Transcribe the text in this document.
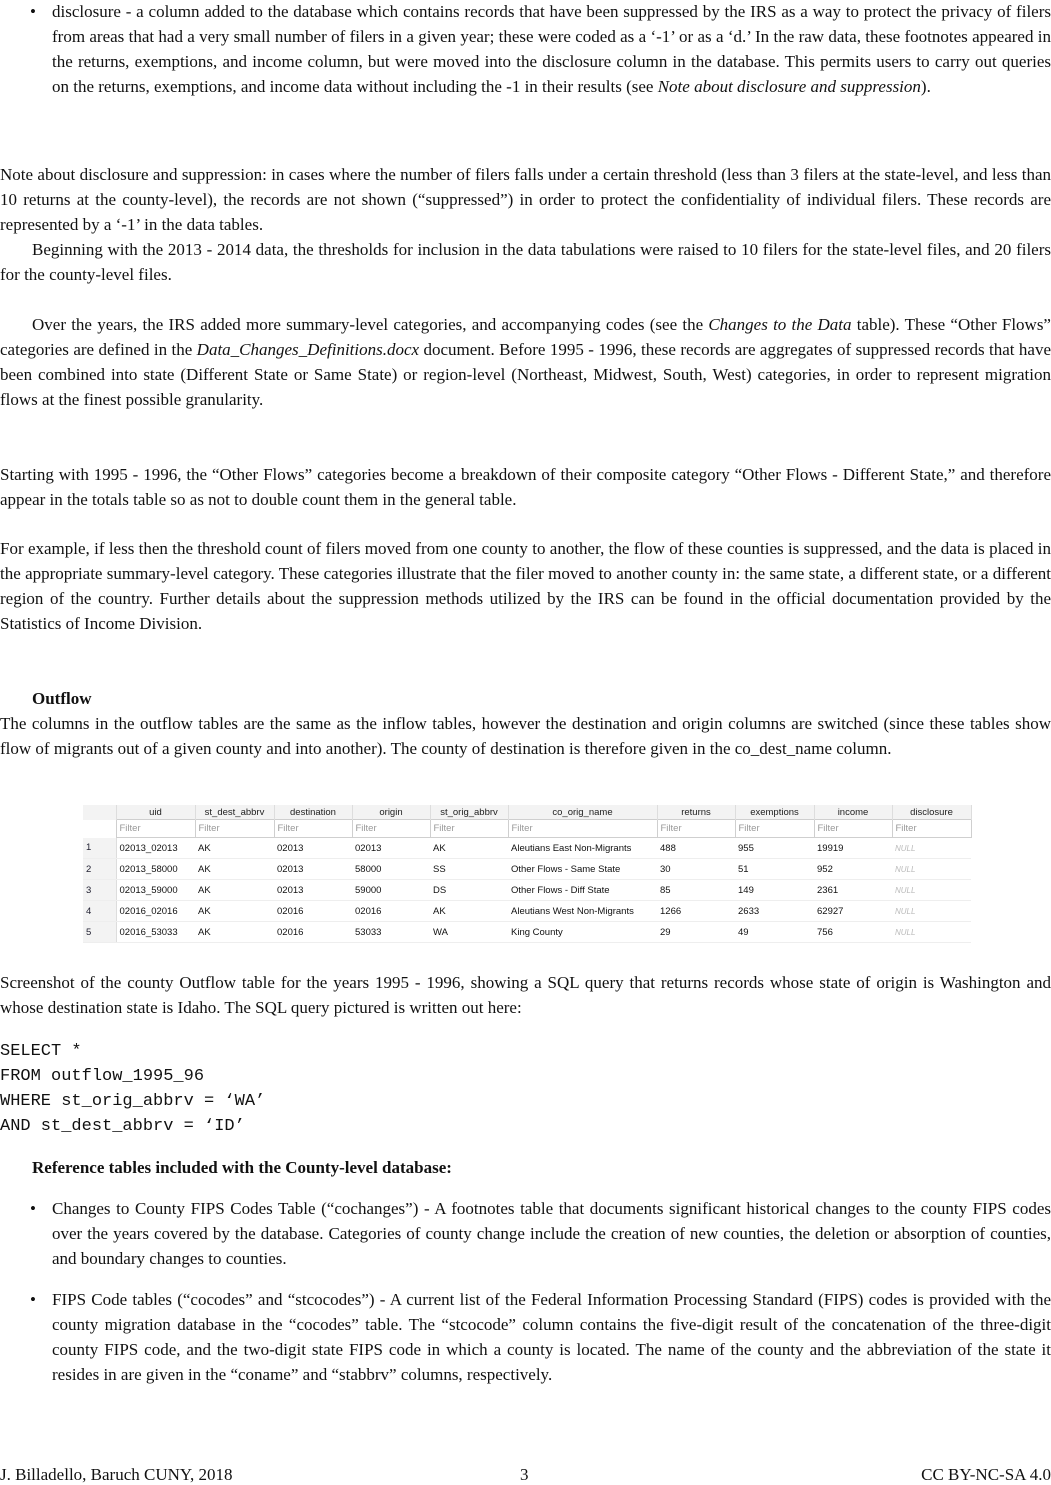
• disclosure - a column added to the database which contains records that have been suppressed by the IRS as a way to protect the privacy of filers from areas that had a very small number of filers in a given year; these were coded as a ‘-1’ or as a ‘d.’ In the raw data, these footnotes appeared in the returns, exemptions, and income column, but were moved into the disclosure column in the database. This permits users to carry out queries on the returns, exemptions, and income data without including the -1 in their results (see Note about disclosure and suppression).

Note about disclosure and suppression: in cases where the number of filers falls under a certain threshold (less than 3 filers at the state-level, and less than 10 returns at the county-level), the records are not shown (“suppressed”) in order to protect the confidentiality of individual filers. These records are represented by a ‘-1’ in the data tables.

Beginning with the 2013 - 2014 data, the thresholds for inclusion in the data tabulations were raised to 10 filers for the state-level files, and 20 filers for the county-level files.

Over the years, the IRS added more summary-level categories, and accompanying codes (see the Changes to the Data table). These “Other Flows” categories are defined in the Data_Changes_Definitions.docx document. Before 1995 - 1996, these records are aggregates of suppressed records that have been combined into state (Different State or Same State) or region-level (Northeast, Midwest, South, West) categories, in order to represent migration flows at the finest possible granularity.

Starting with 1995 - 1996, the “Other Flows” categories become a breakdown of their composite category “Other Flows - Different State,” and therefore appear in the totals table so as not to double count them in the general table.

For example, if less then the threshold count of filers moved from one county to another, the flow of these counties is suppressed, and the data is placed in the appropriate summary-level category. These categories illustrate that the filer moved to another county in: the same state, a different state, or a different region of the country. Further details about the suppression methods utilized by the IRS can be found in the official documentation provided by the Statistics of Income Division.

Outflow

The columns in the outflow tables are the same as the inflow tables, however the destination and origin columns are switched (since these tables show flow of migrants out of a given county and into another). The county of destination is therefore given in the co_dest_name column.

	uid	st_dest_abbrv	destination	origin	st_orig_abbrv	co_orig_name	returns	exemptions	income	disclosure
	Filter	Filter	Filter	Filter	Filter	Filter	Filter	Filter	Filter	Filter
1	02013_02013	AK	02013	02013	AK	Aleutians East Non-Migrants	488	955	19919	NULL
2	02013_58000	AK	02013	58000	SS	Other Flows - Same State	30	51	952	NULL
3	02013_59000	AK	02013	59000	DS	Other Flows - Diff State	85	149	2361	NULL
4	02016_02016	AK	02016	02016	AK	Aleutians West Non-Migrants	1266	2633	62927	NULL
5	02016_53033	AK	02016	53033	WA	King County	29	49	756	NULL

Screenshot of the county Outflow table for the years 1995 - 1996, showing a SQL query that returns records whose state of origin is Washington and whose destination state is Idaho. The SQL query pictured is written out here:

SELECT *
FROM outflow_1995_96
WHERE st_orig_abbrv = ‘WA’
AND st_dest_abbrv = ‘ID’

Reference tables included with the County-level database:

• Changes to County FIPS Codes Table (“cochanges”) - A footnotes table that documents significant historical changes to the county FIPS codes over the years covered by the database. Categories of county change include the creation of new counties, the deletion or absorption of counties, and boundary changes to counties.
• FIPS Code tables (“cocodes” and “stcocodes”) - A current list of the Federal Information Processing Standard (FIPS) codes is provided with the county migration database in the “cocodes” table. The “stcocode” column contains the five-digit result of the concatenation of the three-digit county FIPS code, and the two-digit state FIPS code in which a county is located. The name of the county and the abbreviation of the state it resides in are given in the “coname” and “stabbrv” columns, respectively.
J. Billadello, Baruch CUNY, 2018	3	CC BY-NC-SA 4.0
